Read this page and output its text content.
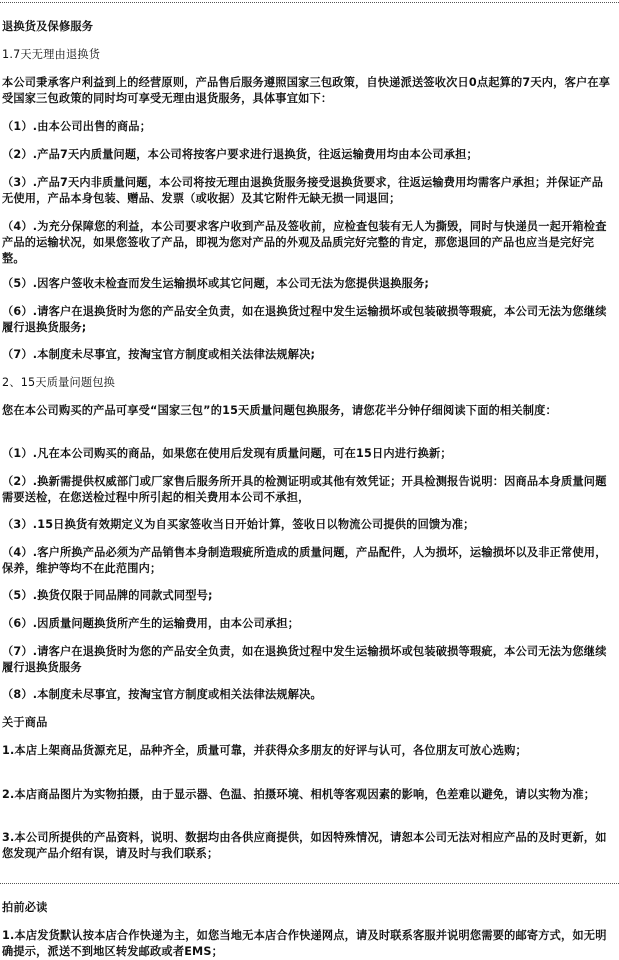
退换货及保修服务

1.7天无理由退换货

本公司秉承客户利益到上的经营原则，产品售后服务遵照国家三包政策，自快递派送签收次日0点起算的7天内，客户在享受国家三包政策的同时均可享受无理由退货服务，具体事宜如下：

（1）.由本公司出售的商品；

（2）.产品7天内质量问题，本公司将按客户要求进行退换货，往返运输费用均由本公司承担；

（3）.产品7天内非质量问题，本公司将按无理由退换货服务接受退换货要求，往返运输费用均需客户承担；并保证产品无使用，产品本身包装、赠品、发票（或收据）及其它附件无缺无损一同退回；

（4）.为充分保障您的利益，本公司要求客户收到产品及签收前，应检查包装有无人为撕毁，同时与快递员一起开箱检查产品的运输状况，如果您签收了产品，即视为您对产品的外观及品质完好完整的肯定，那您退回的产品也应当是完好完整。

（5）.因客户签收未检查而发生运输损坏或其它问题，本公司无法为您提供退换服务;

（6）.请客户在退换货时为您的产品安全负责，如在退换货过程中发生运输损坏或包装破损等瑕疵，本公司无法为您继续履行退换货服务;

（7）.本制度未尽事宜，按淘宝官方制度或相关法律法规解决;

2、15天质量问题包换

您在本公司购买的产品可享受“国家三包”的15天质量问题包换服务，请您花半分钟仔细阅读下面的相关制度：

（1）.凡在本公司购买的商品，如果您在使用后发现有质量问题，可在15日内进行换新；

（2）.换新需提供权威部门或厂家售后服务所开具的检测证明或其他有效凭证；开具检测报告说明：因商品本身质量问题需要送检，在您送检过程中所引起的相关费用本公司不承担，

（3）.15日换货有效期定义为自买家签收当日开始计算，签收日以物流公司提供的回馈为准；

（4）.客户所换产品必须为产品销售本身制造瑕疵所造成的质量问题，产品配件，人为损坏，运输损坏以及非正常使用，保养，维护等均不在此范围内；

（5）.换货仅限于同品牌的同款式同型号;

（6）.因质量问题换货所产生的运输费用，由本公司承担；

（7）.请客户在退换货时为您的产品安全负责，如在退换货过程中发生运输损坏或包装破损等瑕疵，本公司无法为您继续履行退换货服务

（8）.本制度未尽事宜，按淘宝官方制度或相关法律法规解决。

关于商品

1.本店上架商品货源充足，品种齐全，质量可靠，并获得众多朋友的好评与认可，各位朋友可放心选购；

2.本店商品图片为实物拍摄，由于显示器、色温、拍摄环境、相机等客观因素的影响，色差难以避免，请以实物为准；

3.本公司所提供的产品资料，说明、数据均由各供应商提供，如因特殊情况，请恕本公司无法对相应产品的及时更新，如您发现产品介绍有误，请及时与我们联系；

拍前必读

1.本店发货默认按本店合作快递为主，如您当地无本店合作快递网点，请及时联系客服并说明您需要的邮寄方式，如无明确提示，派送不到地区转发邮政或者EMS；
